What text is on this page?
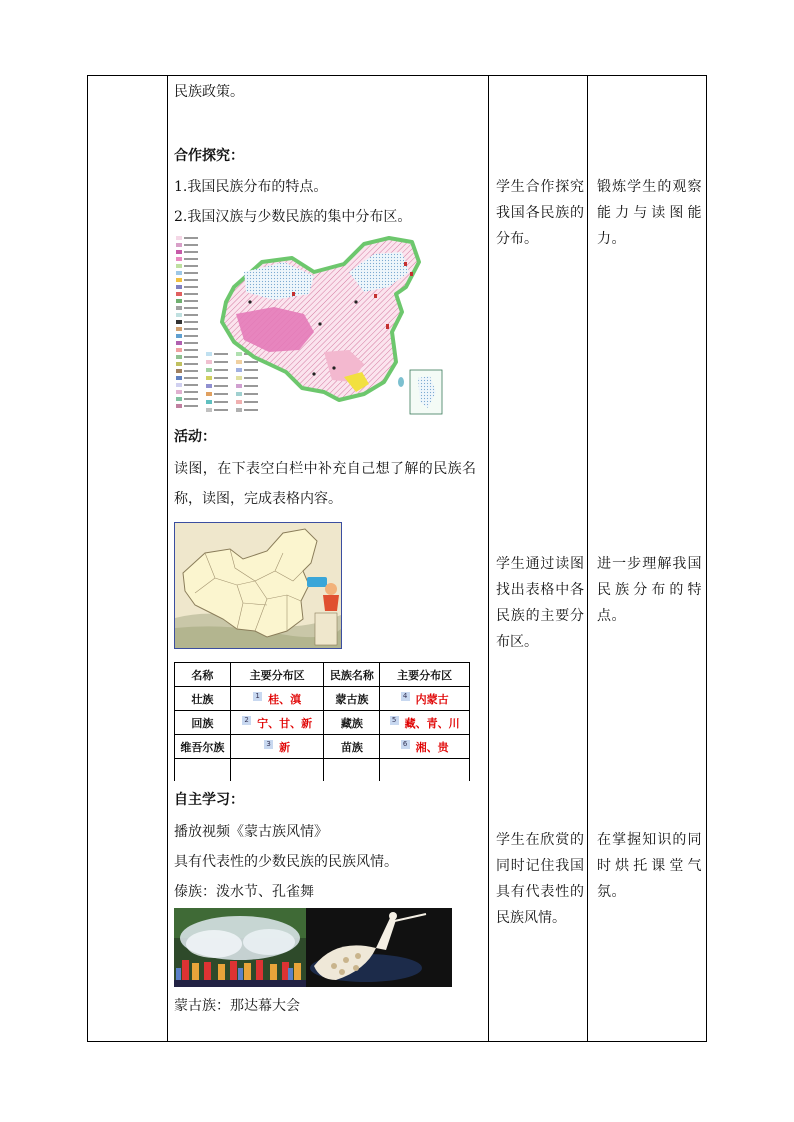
民族政策。
合作探究：
1.我国民族分布的特点。
2.我国汉族与少数民族的集中分布区。
活动：
读图，在下表空白栏中补充自己想了解的民族名
称，读图，完成表格内容。
名称	主要分布区	民族名称	主要分布区
壮族	1 桂、滇	蒙古族	4 内蒙古
回族	2 宁、甘、新	藏族	5 藏、青、川
维吾尔族	3 新	苗族	6 湘、贵

自主学习：
播放视频《蒙古族风情》
具有代表性的少数民族的民族风情。
傣族：泼水节、孔雀舞
蒙古族：那达幕大会
学生合作探究我国各民族的分布。
学生通过读图找出表格中各民族的主要分布区。
学生在欣赏的同时记住我国具有代表性的民族风情。
锻炼学生的观察能力与读图能力。
进一步理解我国民族分布的特点。
在掌握知识的同时烘托课堂气氛。
